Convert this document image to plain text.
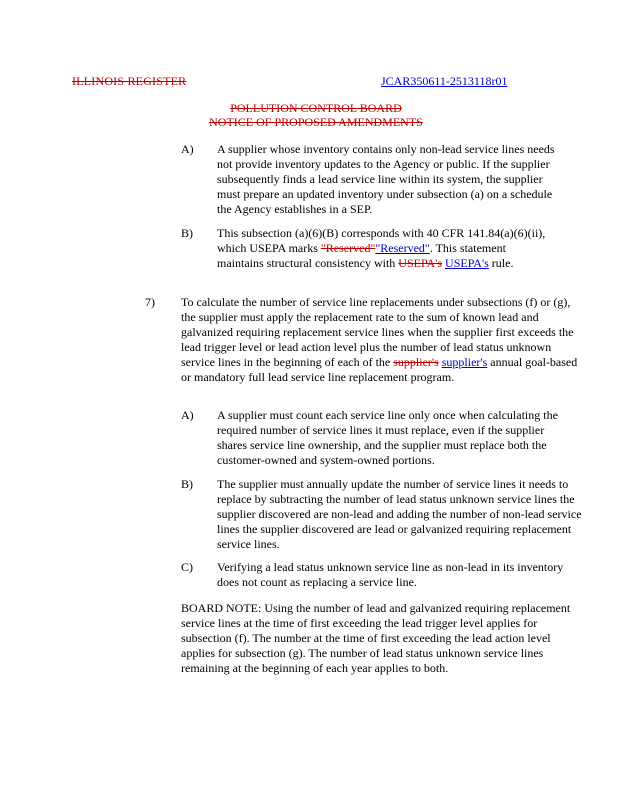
ILLINOIS REGISTER	JCAR350611-2513118r01
POLLUTION CONTROL BOARD
NOTICE OF PROPOSED AMENDMENTS
A) A supplier whose inventory contains only non-lead service lines needs not provide inventory updates to the Agency or public. If the supplier subsequently finds a lead service line within its system, the supplier must prepare an updated inventory under subsection (a) on a schedule the Agency establishes in a SEP.

B) This subsection (a)(6)(B) corresponds with 40 CFR 141.84(a)(6)(ii), which USEPA marks "Reserved""Reserved". This statement maintains structural consistency with USEPA's USEPA's rule.

7) To calculate the number of service line replacements under subsections (f) or (g), the supplier must apply the replacement rate to the sum of known lead and galvanized requiring replacement service lines when the supplier first exceeds the lead trigger level or lead action level plus the number of lead status unknown service lines in the beginning of each of the supplier's supplier's annual goal-based or mandatory full lead service line replacement program.

A) A supplier must count each service line only once when calculating the required number of service lines it must replace, even if the supplier shares service line ownership, and the supplier must replace both the customer-owned and system-owned portions.

B) The supplier must annually update the number of service lines it needs to replace by subtracting the number of lead status unknown service lines the supplier discovered are non-lead and adding the number of non-lead service lines the supplier discovered are lead or galvanized requiring replacement service lines.

C) Verifying a lead status unknown service line as non-lead in its inventory does not count as replacing a service line.

BOARD NOTE: Using the number of lead and galvanized requiring replacement service lines at the time of first exceeding the lead trigger level applies for subsection (f). The number at the time of first exceeding the lead action level applies for subsection (g). The number of lead status unknown service lines remaining at the beginning of each year applies to both.
